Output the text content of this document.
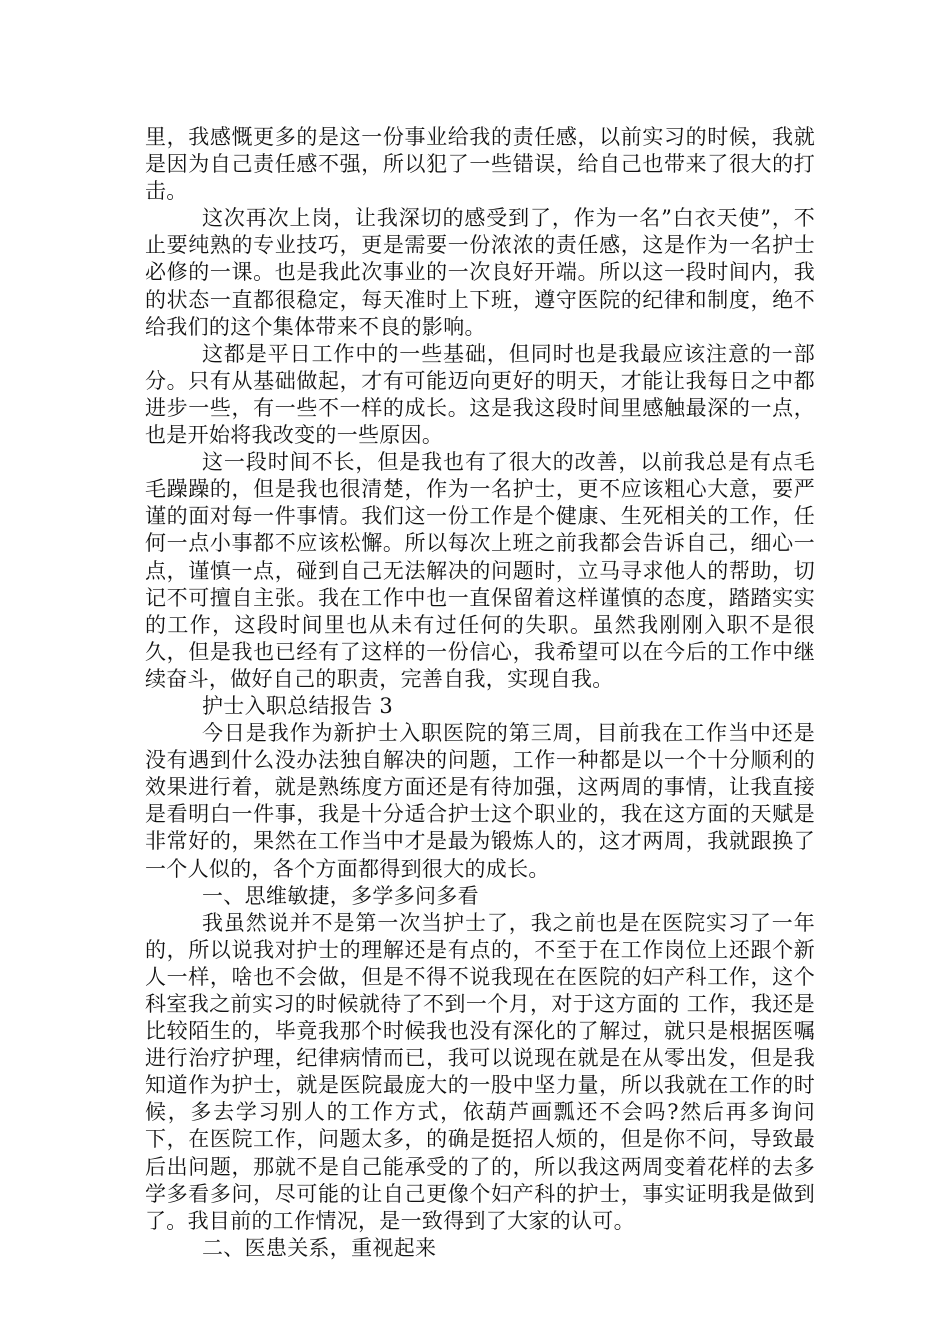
里，我感慨更多的是这一份事业给我的责任感，以前实习的时候，我就是因为自己责任感不强，所以犯了一些错误，给自己也带来了很大的打击。

这次再次上岗，让我深切的感受到了，作为一名”白衣天使”，不止要纯熟的专业技巧，更是需要一份浓浓的责任感，这是作为一名护士必修的一课。也是我此次事业的一次良好开端。所以这一段时间内，我的状态一直都很稳定，每天准时上下班，遵守医院的纪律和制度，绝不给我们的这个集体带来不良的影响。

这都是平日工作中的一些基础，但同时也是我最应该注意的一部分。只有从基础做起，才有可能迈向更好的明天，才能让我每日之中都进步一些，有一些不一样的成长。这是我这段时间里感触最深的一点，也是开始将我改变的一些原因。

这一段时间不长，但是我也有了很大的改善，以前我总是有点毛毛躁躁的，但是我也很清楚，作为一名护士，更不应该粗心大意，要严谨的面对每一件事情。我们这一份工作是个健康、生死相关的工作，任何一点小事都不应该松懈。所以每次上班之前我都会告诉自己，细心一点，谨慎一点，碰到自己无法解决的问题时，立马寻求他人的帮助，切记不可擅自主张。我在工作中也一直保留着这样谨慎的态度，踏踏实实的工作，这段时间里也从未有过任何的失职。虽然我刚刚入职不是很久，但是我也已经有了这样的一份信心，我希望可以在今后的工作中继续奋斗，做好自己的职责，完善自我，实现自我。

护士入职总结报告 3

今日是我作为新护士入职医院的第三周，目前我在工作当中还是没有遇到什么没办法独自解决的问题，工作一种都是以一个十分顺利的效果进行着，就是熟练度方面还是有待加强，这两周的事情，让我直接是看明白一件事，我是十分适合护士这个职业的，我在这方面的天赋是非常好的，果然在工作当中才是最为锻炼人的，这才两周，我就跟换了一个人似的，各个方面都得到很大的成长。

一、思维敏捷，多学多问多看

我虽然说并不是第一次当护士了，我之前也是在医院实习了一年的，所以说我对护士的理解还是有点的，不至于在工作岗位上还跟个新人一样，啥也不会做，但是不得不说我现在在医院的妇产科工作，这个科室我之前实习的时候就待了不到一个月，对于这方面的 工作，我还是比较陌生的，毕竟我那个时候我也没有深化的了解过，就只是根据医嘱进行治疗护理，纪律病情而已，我可以说现在就是在从零出发，但是我知道作为护士，就是医院最庞大的一股中坚力量，所以我就在工作的时候，多去学习别人的工作方式，依葫芦画瓢还不会吗?然后再多询问下，在医院工作，问题太多，的确是挺招人烦的，但是你不问，导致最后出问题，那就不是自己能承受的了的，所以我这两周变着花样的去多学多看多问，尽可能的让自己更像个妇产科的护士，事实证明我是做到了。我目前的工作情况，是一致得到了大家的认可。

二、医患关系，重视起来
